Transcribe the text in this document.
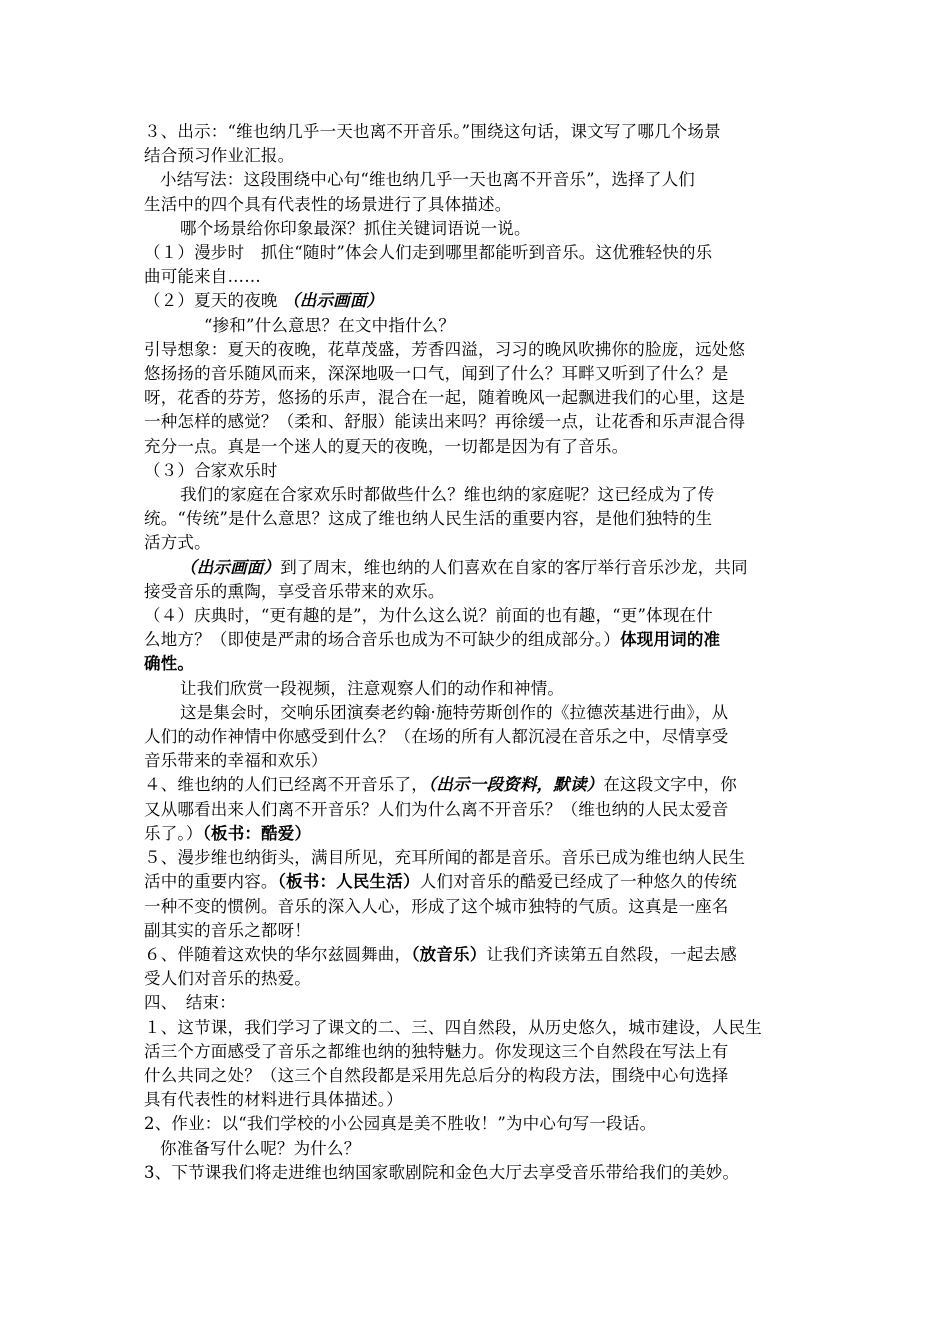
３、出示：“维也纳几乎一天也离不开音乐。”围绕这句话，课文写了哪几个场景
结合预习作业汇报。
小结写法：这段围绕中心句“维也纳几乎一天也离不开音乐”，选择了人们
生活中的四个具有代表性的场景进行了具体描述。
哪个场景给你印象最深？抓住关键词语说一说。
（１）漫步时　抓住“随时”体会人们走到哪里都能听到音乐。这优雅轻快的乐
曲可能来自……
（２）夏天的夜晚 （出示画面）
“掺和”什么意思？在文中指什么？
引导想象：夏天的夜晚，花草茂盛，芳香四溢，习习的晚风吹拂你的脸庞，远处悠
悠扬扬的音乐随风而来，深深地吸一口气，闻到了什么？耳畔又听到了什么？是
呀，花香的芬芳，悠扬的乐声，混合在一起，随着晚风一起飘进我们的心里，这是
一种怎样的感觉？（柔和、舒服）能读出来吗？再徐缓一点，让花香和乐声混合得
充分一点。真是一个迷人的夏天的夜晚，一切都是因为有了音乐。
（３）合家欢乐时
我们的家庭在合家欢乐时都做些什么？维也纳的家庭呢？这已经成为了传
统。“传统”是什么意思？这成了维也纳人民生活的重要内容，是他们独特的生
活方式。
（出示画面）到了周末，维也纳的人们喜欢在自家的客厅举行音乐沙龙，共同
接受音乐的熏陶，享受音乐带来的欢乐。
（４）庆典时，“更有趣的是”，为什么这么说？前面的也有趣，“更”体现在什
么地方？（即使是严肃的场合音乐也成为不可缺少的组成部分。）体现用词的准
确性。
让我们欣赏一段视频，注意观察人们的动作和神情。
这是集会时，交响乐团演奏老约翰·施特劳斯创作的《拉德茨基进行曲》，从
人们的动作神情中你感受到什么？（在场的所有人都沉浸在音乐之中，尽情享受
音乐带来的幸福和欢乐）
４、维也纳的人们已经离不开音乐了，（出示一段资料，默读）在这段文字中，你
又从哪看出来人们离不开音乐？人们为什么离不开音乐？（维也纳的人民太爱音
乐了。）（板书：酷爱）
５、漫步维也纳街头，满目所见，充耳所闻的都是音乐。音乐已成为维也纳人民生
活中的重要内容。（板书：人民生活）人们对音乐的酷爱已经成了一种悠久的传统
一种不变的惯例。音乐的深入人心，形成了这个城市独特的气质。这真是一座名
副其实的音乐之都呀！
６、伴随着这欢快的华尔兹圆舞曲，（放音乐）让我们齐读第五自然段，一起去感
受人们对音乐的热爱。
四、　结束：
１、这节课，我们学习了课文的二、三、四自然段，从历史悠久，城市建设，人民生
活三个方面感受了音乐之都维也纳的独特魅力。你发现这三个自然段在写法上有
什么共同之处？（这三个自然段都是采用先总后分的构段方法，围绕中心句选择
具有代表性的材料进行具体描述。）
2、作业：以“我们学校的小公园真是美不胜收！”为中心句写一段话。
你准备写什么呢？为什么？
3、下节课我们将走进维也纳国家歌剧院和金色大厅去享受音乐带给我们的美妙。
